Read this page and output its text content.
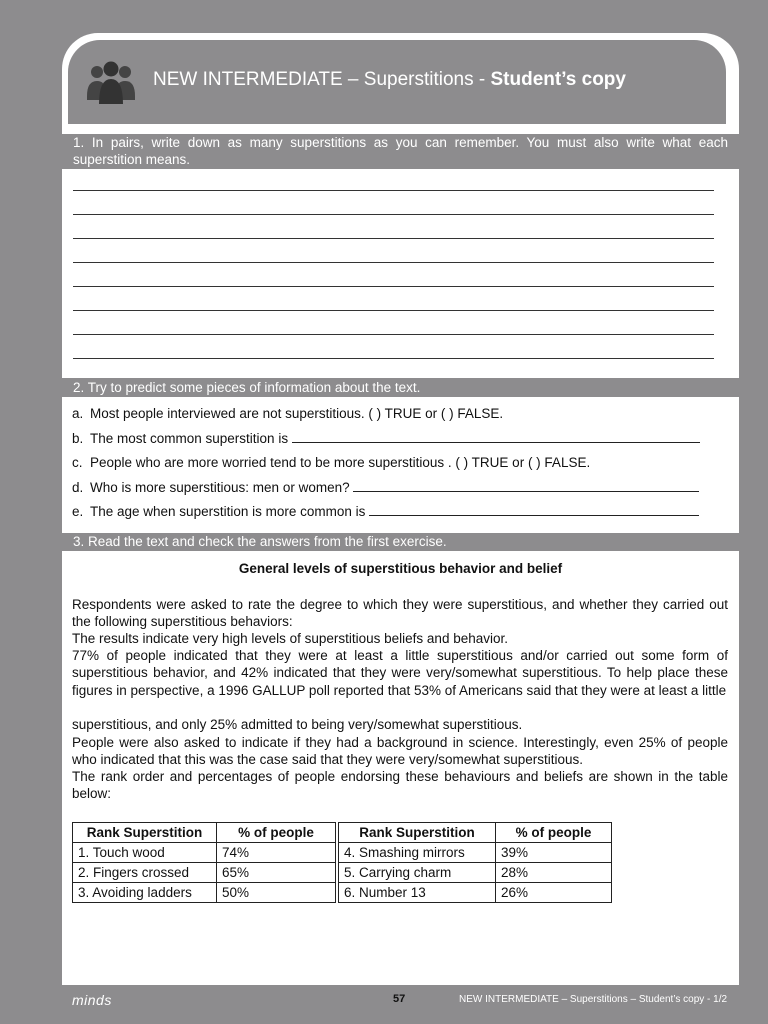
NEW INTERMEDIATE – Superstitions - Student’s copy
1. In pairs, write down as many superstitions as you can remember. You must also write what each
superstition means.
2. Try to predict some pieces of information about the text.
a. Most people interviewed are not superstitious. ( ) TRUE or ( ) FALSE.
b. The most common superstition is
c. People who are more worried tend to be more superstitious . ( ) TRUE or ( ) FALSE.
d. Who is more superstitious: men or women?
e. The age when superstition is more common is
3. Read the text and check the answers from the first exercise.
General levels of superstitious behavior and belief
Respondents were asked to rate the degree to which they were superstitious, and whether they carried out the following superstitious behaviors:
The results indicate very high levels of superstitious beliefs and behavior.
77% of people indicated that they were at least a little superstitious and/or carried out some form of superstitious behavior, and 42% indicated that they were very/somewhat superstitious. To help place these figures in perspective, a 1996 GALLUP poll reported that 53% of Americans said that they were at least a little
superstitious, and only 25% admitted to being very/somewhat superstitious.
People were also asked to indicate if they had a background in science. Interestingly, even 25% of people who indicated that this was the case said that they were very/somewhat superstitious.
The rank order and percentages of people endorsing these behaviours and beliefs are shown in the table below:
Rank Superstition	% of people		Rank Superstition	% of people
1. Touch wood	74%		4. Smashing mirrors	39%
2. Fingers crossed	65%		5. Carrying charm	28%
3. Avoiding ladders	50%		6. Number 13	26%
minds	57	NEW INTERMEDIATE – Superstitions – Student’s copy - 1/2
